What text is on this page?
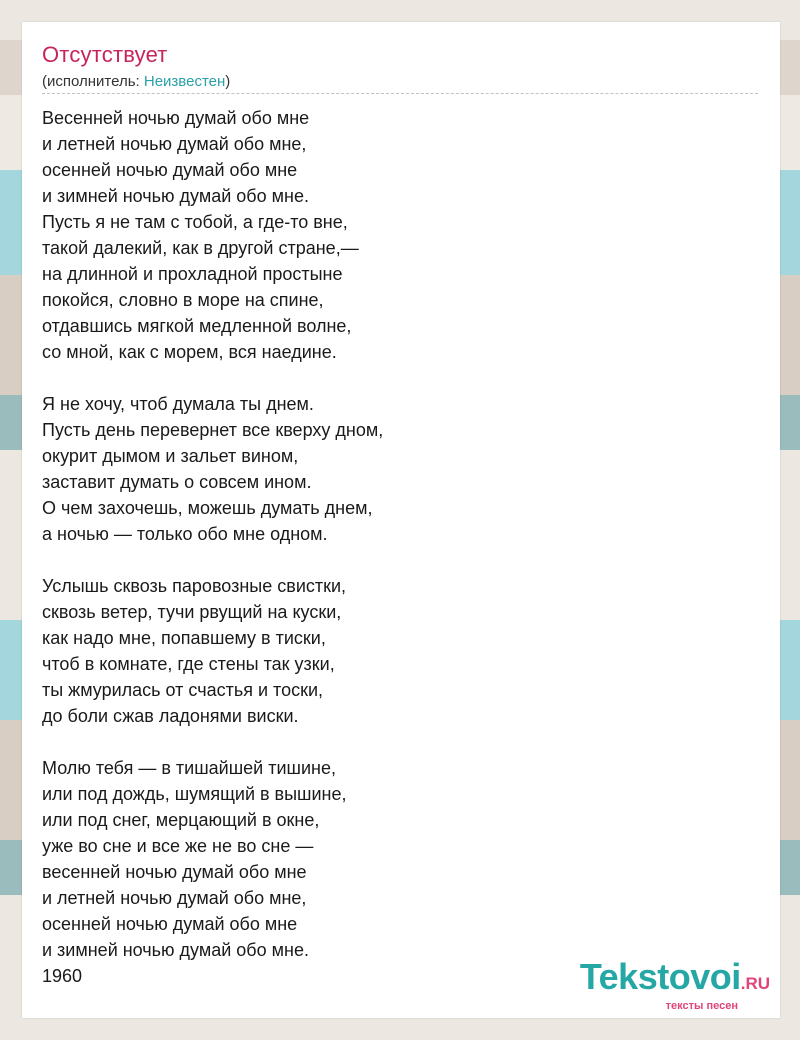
Отсутствует
(исполнитель: Неизвестен)
Весенней ночью думай обо мне
и летней ночью думай обо мне,
осенней ночью думай обо мне
и зимней ночью думай обо мне.
Пусть я не там с тобой, а где-то вне,
такой далекий, как в другой стране,—
на длинной и прохладной простыне
покойся, словно в море на спине,
отдавшись мягкой медленной волне,
со мной, как с морем, вся наедине.
Я не хочу, чтоб думала ты днем.
Пусть день перевернет все кверху дном,
окурит дымом и зальет вином,
заставит думать о совсем ином.
О чем захочешь, можешь думать днем,
а ночью — только обо мне одном.
Услышь сквозь паровозные свистки,
сквозь ветер, тучи рвущий на куски,
как надо мне, попавшему в тиски,
чтоб в комнате, где стены так узки,
ты жмурилась от счастья и тоски,
до боли сжав ладонями виски.
Молю тебя — в тишайшей тишине,
или под дождь, шумящий в вышине,
или под снег, мерцающий в окне,
уже во сне и все же не во сне —
весенней ночью думай обо мне
и летней ночью думай обо мне,
осенней ночью думай обо мне
и зимней ночью думай обо мне.
1960	Tekstovoi.RU
тексты песен
